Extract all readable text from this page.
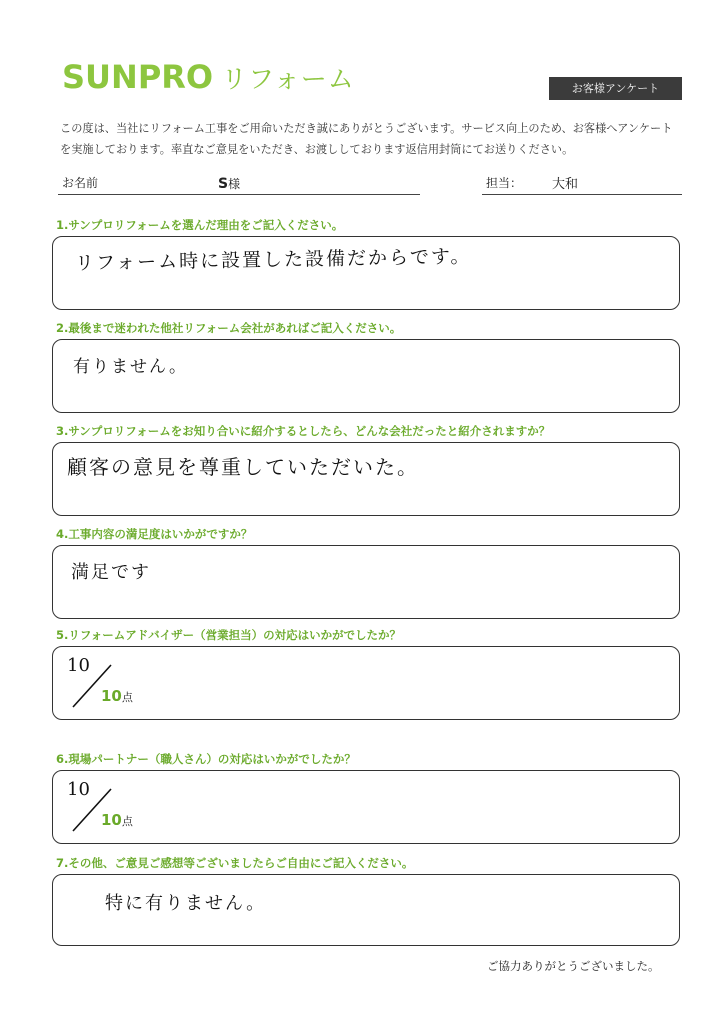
SUNPRO リフォーム	お客様アンケート
この度は、当社にリフォーム工事をご用命いただき誠にありがとうございます。サービス向上のため、お客様へアンケートを実施しております。率直なご意見をいただき、お渡ししております返信用封筒にてお送りください。
お名前	S様	担当： 大和
1.サンプロリフォームを選んだ理由をご記入ください。
リフォーム時に設置した設備だからです。
2.最後まで迷われた他社リフォーム会社があればご記入ください。
有りません。
3.サンプロリフォームをお知り合いに紹介するとしたら、どんな会社だったと紹介されますか？
顧客の意見を尊重していただいた。
4.工事内容の満足度はいかがですか？
満足です
5.リフォームアドバイザー（営業担当）の対応はいかがでしたか？
10
10点
6.現場パートナー（職人さん）の対応はいかがでしたか？
10
10点
7.その他、ご意見ご感想等ございましたらご自由にご記入ください。
特に有りません。
ご協力ありがとうございました。
